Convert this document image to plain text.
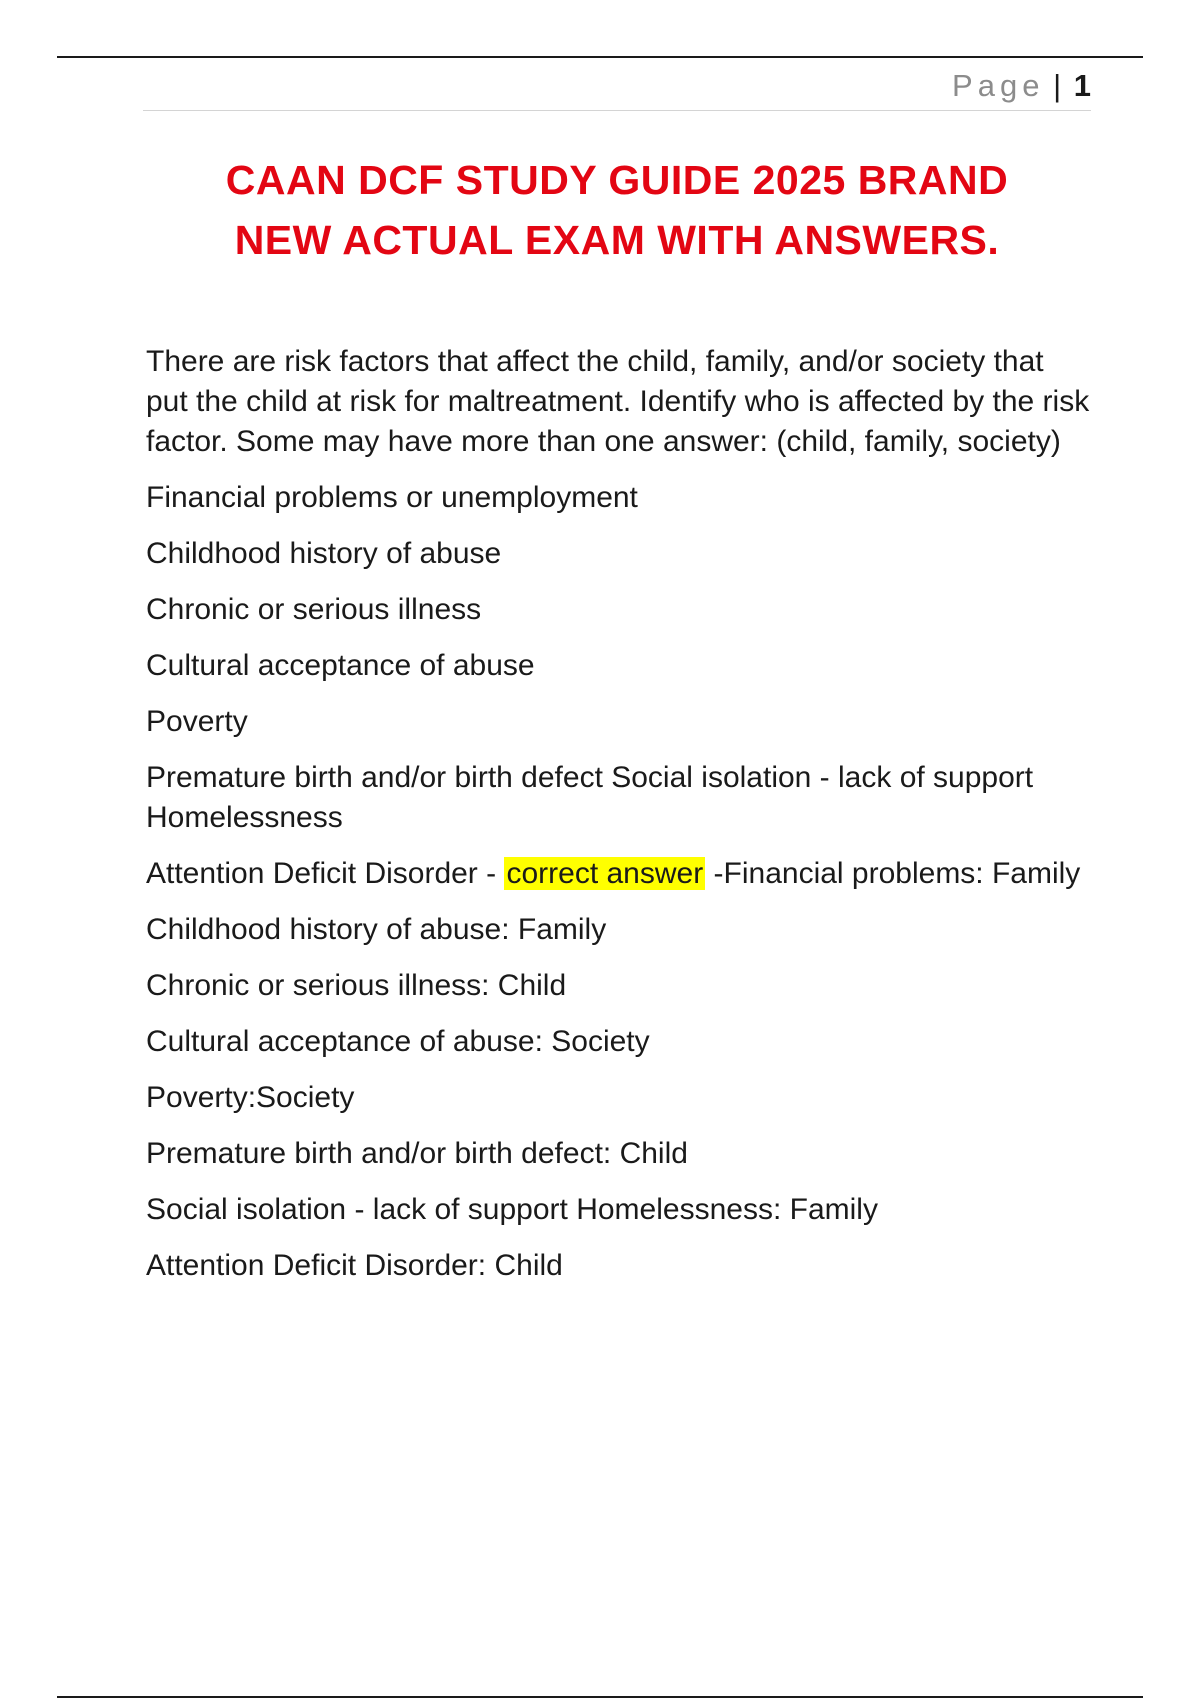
Page | 1
CAAN DCF STUDY GUIDE 2025 BRAND
NEW ACTUAL EXAM WITH ANSWERS.

There are risk factors that affect the child, family, and/or society that put the child at risk for maltreatment. Identify who is affected by the risk factor. Some may have more than one answer: (child, family, society)

Financial problems or unemployment

Childhood history of abuse

Chronic or serious illness

Cultural acceptance of abuse

Poverty

Premature birth and/or birth defect Social isolation - lack of support Homelessness

Attention Deficit Disorder - correct answer -Financial problems: Family

Childhood history of abuse: Family

Chronic or serious illness: Child

Cultural acceptance of abuse: Society

Poverty:Society

Premature birth and/or birth defect: Child

Social isolation - lack of support Homelessness: Family

Attention Deficit Disorder: Child
